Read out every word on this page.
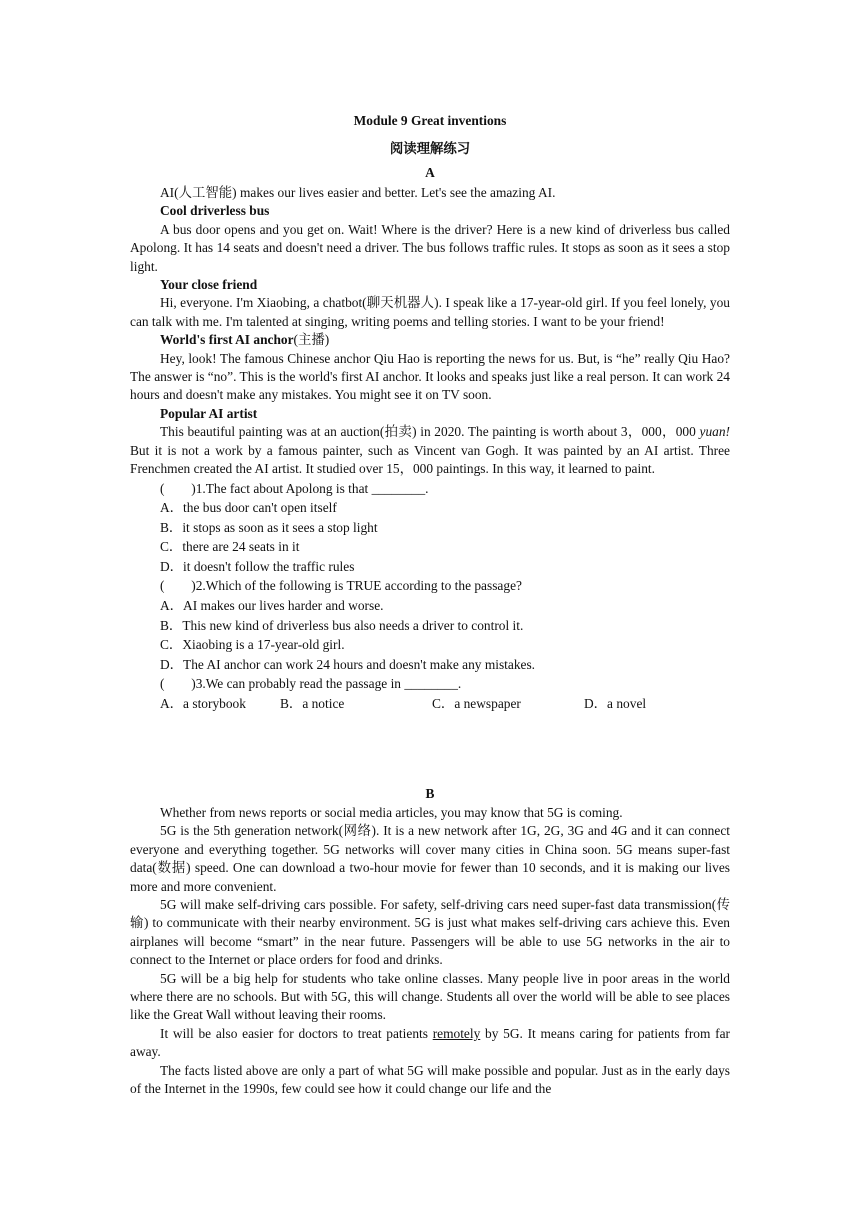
Module 9 Great inventions
阅读理解练习
A

AI(人工智能) makes our lives easier and better. Let's see the amazing AI.

Cool driverless bus

A bus door opens and you get on. Wait! Where is the driver? Here is a new kind of driverless bus called Apolong. It has 14 seats and doesn't need a driver. The bus follows traffic rules. It stops as soon as it sees a stop light.

Your close friend

Hi, everyone. I'm Xiaobing, a chatbot(聊天机器人). I speak like a 17-year-old girl. If you feel lonely, you can talk with me. I'm talented at singing, writing poems and telling stories. I want to be your friend!

World's first AI anchor(主播)

Hey, look! The famous Chinese anchor Qiu Hao is reporting the news for us. But, is “he” really Qiu Hao? The answer is “no”. This is the world's first AI anchor. It looks and speaks just like a real person. It can work 24 hours and doesn't make any mistakes. You might see it on TV soon.

Popular AI artist

This beautiful painting was at an auction(拍卖) in 2020. The painting is worth about 3，000，000 yuan! But it is not a work by a famous painter, such as Vincent van Gogh. It was painted by an AI artist. Three Frenchmen created the AI artist. It studied over 15，000 paintings. In this way, it learned to paint.

(　　)1.The fact about Apolong is that ________.

A．the bus door can't open itself

B．it stops as soon as it sees a stop light

C．there are 24 seats in it

D．it doesn't follow the traffic rules

(　　)2.Which of the following is TRUE according to the passage?

A．AI makes our lives harder and worse.

B．This new kind of driverless bus also needs a driver to control it.

C．Xiaobing is a 17-year-old girl.

D．The AI anchor can work 24 hours and doesn't make any mistakes.

(　　)3.We can probably read the passage in ________.

A．a storybook	B．a notice	C．a newspaper	D．a novel
B

Whether from news reports or social media articles, you may know that 5G is coming.

5G is the 5th generation network(网络). It is a new network after 1G, 2G, 3G and 4G and it can connect everyone and everything together. 5G networks will cover many cities in China soon. 5G means super-fast data(数据) speed. One can download a two-hour movie for fewer than 10 seconds, and it is making our lives more and more convenient.

5G will make self-driving cars possible. For safety, self-driving cars need super-fast data transmission(传输) to communicate with their nearby environment. 5G is just what makes self-driving cars achieve this. Even airplanes will become “smart” in the near future. Passengers will be able to use 5G networks in the air to connect to the Internet or place orders for food and drinks.

5G will be a big help for students who take online classes. Many people live in poor areas in the world where there are no schools. But with 5G, this will change. Students all over the world will be able to see places like the Great Wall without leaving their rooms.

It will be also easier for doctors to treat patients remotely by 5G. It means caring for patients from far away.

The facts listed above are only a part of what 5G will make possible and popular. Just as in the early days of the Internet in the 1990s, few could see how it could change our life and the
